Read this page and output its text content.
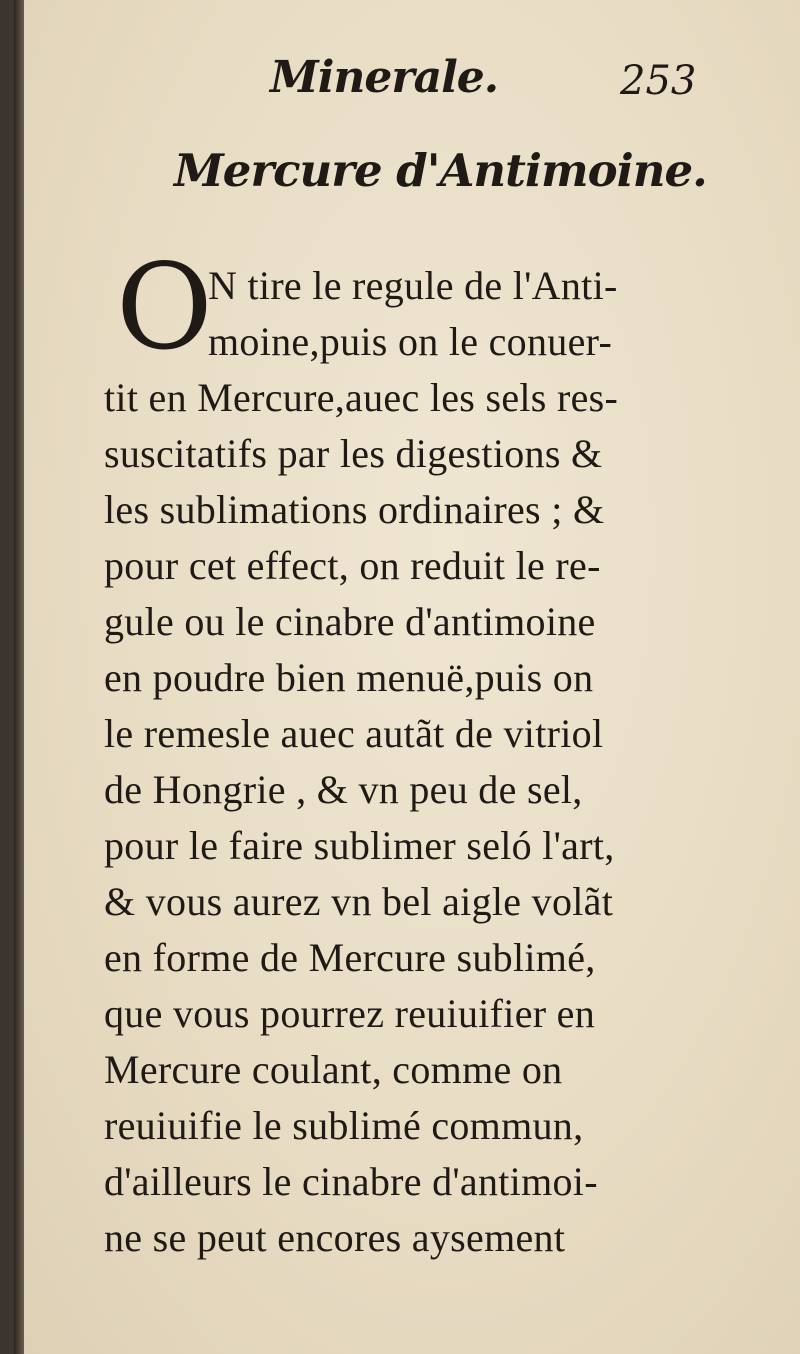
Minerale.	253
Mercure d'Antimoine.
O
N tire le regule de l'Anti-
moine,puis on le conuer-
tit en Mercure,auec les sels res-
suscitatifs par les digestions &
les sublimations ordinaires ; &
pour cet effect, on reduit le re-
gule ou le cinabre d'antimoine
en poudre bien menuë,puis on
le remesle auec autãt de vitriol
de Hongrie , & vn peu de sel,
pour le faire sublimer seló l'art,
& vous aurez vn bel aigle volãt
en forme de Mercure sublimé,
que vous pourrez reuiuifier en
Mercure coulant, comme on
reuiuifie le sublimé commun,
d'ailleurs le cinabre d'antimoi-
ne se peut encores aysement
